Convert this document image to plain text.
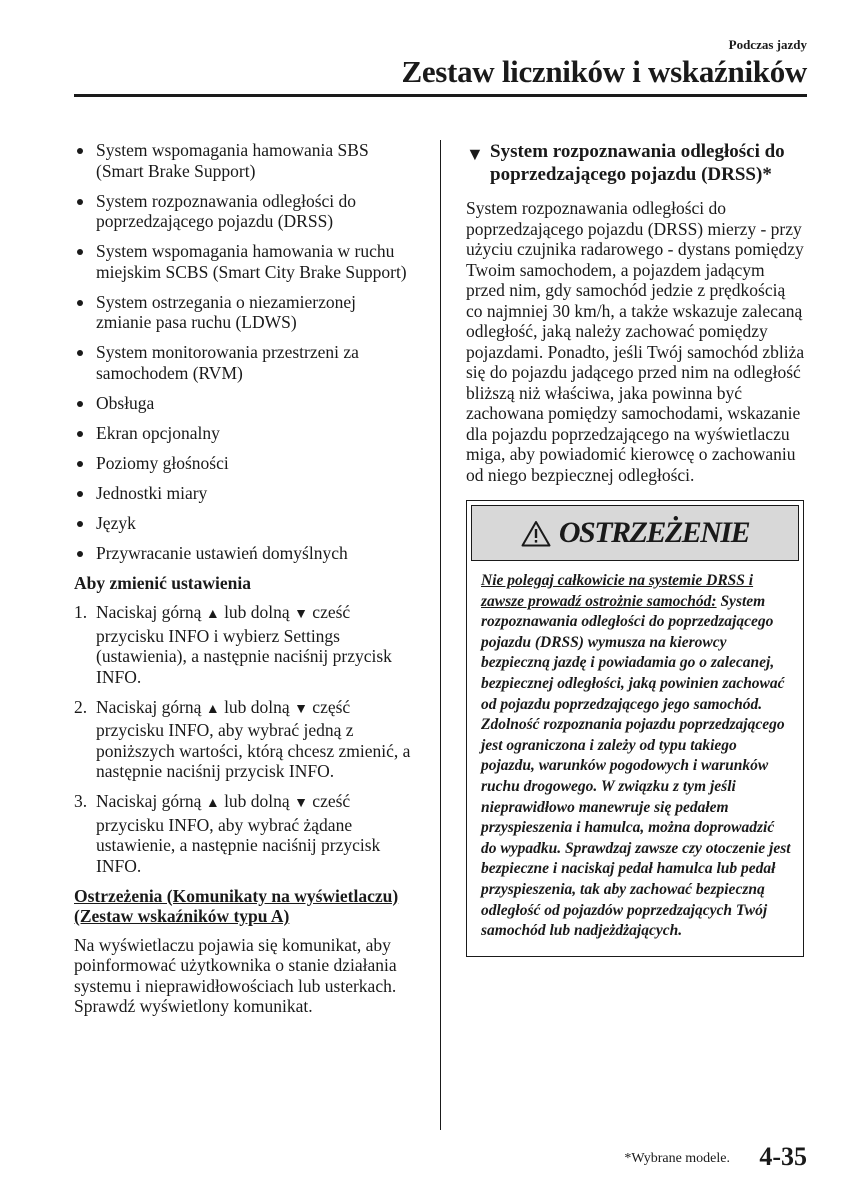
Podczas jazdy

Zestaw liczników i wskaźników
System wspomagania hamowania SBS (Smart Brake Support)
System rozpoznawania odległości do poprzedzającego pojazdu (DRSS)
System wspomagania hamowania w ruchu miejskim SCBS (Smart City Brake Support)
System ostrzegania o niezamierzonej zmianie pasa ruchu (LDWS)
System monitorowania przestrzeni za samochodem (RVM)
Obsługa
Ekran opcjonalny
Poziomy głośności
Jednostki miary
Język
Przywracanie ustawień domyślnych

Aby zmienić ustawienia

1. Naciskaj górną ▲ lub dolną ▼ cześć przycisku INFO i wybierz Settings (ustawienia), a następnie naciśnij przycisk INFO.
2. Naciskaj górną ▲ lub dolną ▼ część przycisku INFO, aby wybrać jedną z poniższych wartości, którą chcesz zmienić, a następnie naciśnij przycisk INFO.
3. Naciskaj górną ▲ lub dolną ▼ cześć przycisku INFO, aby wybrać żądane ustawienie, a następnie naciśnij przycisk INFO.

Ostrzeżenia (Komunikaty na wyświetlaczu) (Zestaw wskaźników typu A)

Na wyświetlaczu pojawia się komunikat, aby poinformować użytkownika o stanie działania systemu i nieprawidłowościach lub usterkach.

Sprawdź wyświetlony komunikat.

▼ System rozpoznawania odległości do poprzedzającego pojazdu (DRSS)*

System rozpoznawania odległości do poprzedzającego pojazdu (DRSS) mierzy - przy użyciu czujnika radarowego - dystans pomiędzy Twoim samochodem, a pojazdem jadącym przed nim, gdy samochód jedzie z prędkością co najmniej 30 km/h, a także wskazuje zalecaną odległość, jaką należy zachować pomiędzy pojazdami. Ponadto, jeśli Twój samochód zbliża się do pojazdu jadącego przed nim na odległość bliższą niż właściwa, jaka powinna być zachowana pomiędzy samochodami, wskazanie dla pojazdu poprzedzającego na wyświetlaczu miga, aby powiadomić kierowcę o zachowaniu od niego bezpiecznej odległości.

OSTRZEŻENIE
Nie polegaj całkowicie na systemie DRSS i zawsze prowadź ostrożnie samochód: System rozpoznawania odległości do poprzedzającego pojazdu (DRSS) wymusza na kierowcy bezpieczną jazdę i powiadamia go o zalecanej, bezpiecznej odległości, jaką powinien zachować od pojazdu poprzedzającego jego samochód. Zdolność rozpoznania pojazdu poprzedzającego jest ograniczona i zależy od typu takiego pojazdu, warunków pogodowych i warunków ruchu drogowego. W związku z tym jeśli nieprawidłowo manewruje się pedałem przyspieszenia i hamulca, można doprowadzić do wypadku. Sprawdzaj zawsze czy otoczenie jest bezpieczne i naciskaj pedał hamulca lub pedał przyspieszenia, tak aby zachować bezpieczną odległość od pojazdów poprzedzających Twój samochód lub nadjeżdżających.

*Wybrane modele. 4-35
